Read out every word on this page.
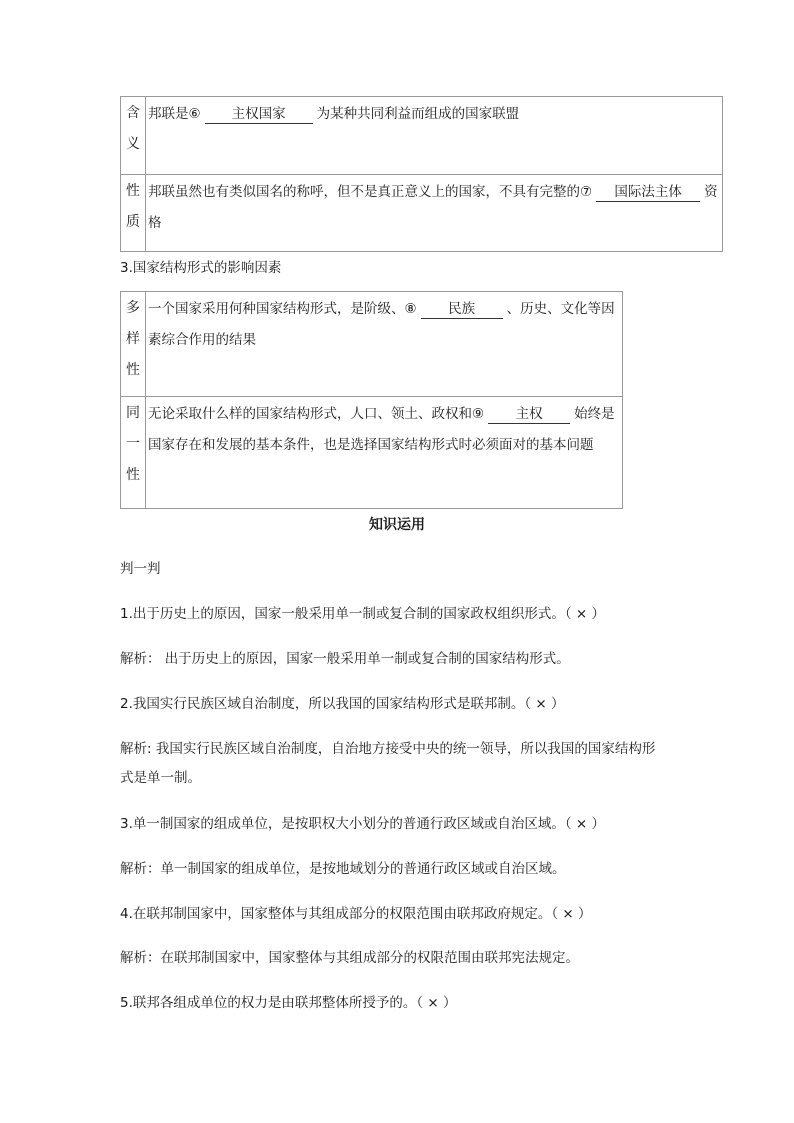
含义	邦联是⑥ 主权国家 为某种共同利益而组成的国家联盟
性质	邦联虽然也有类似国名的称呼，但不是真正意义上的国家，不具有完整的⑦ 国际法主体 资格
3.国家结构形式的影响因素
多样性	一个国家采用何种国家结构形式，是阶级、⑧ 民族 、历史、文化等因素综合作用的结果
同一性	无论采取什么样的国家结构形式，人口、领土、政权和⑨ 主权 始终是国家存在和发展的基本条件，也是选择国家结构形式时必须面对的基本问题
知识运用
判一判
1.出于历史上的原因，国家一般采用单一制或复合制的国家政权组织形式。（ × ）
解析： 出于历史上的原因，国家一般采用单一制或复合制的国家结构形式。
2.我国实行民族区域自治制度，所以我国的国家结构形式是联邦制。（ × ）
解析: 我国实行民族区域自治制度，自治地方接受中央的统一领导，所以我国的国家结构形
式是单一制。
3.单一制国家的组成单位，是按职权大小划分的普通行政区域或自治区域。（ × ）
解析：单一制国家的组成单位，是按地域划分的普通行政区域或自治区域。
4.在联邦制国家中，国家整体与其组成部分的权限范围由联邦政府规定。（ × ）
解析：在联邦制国家中，国家整体与其组成部分的权限范围由联邦宪法规定。
5.联邦各组成单位的权力是由联邦整体所授予的。（ × ）
